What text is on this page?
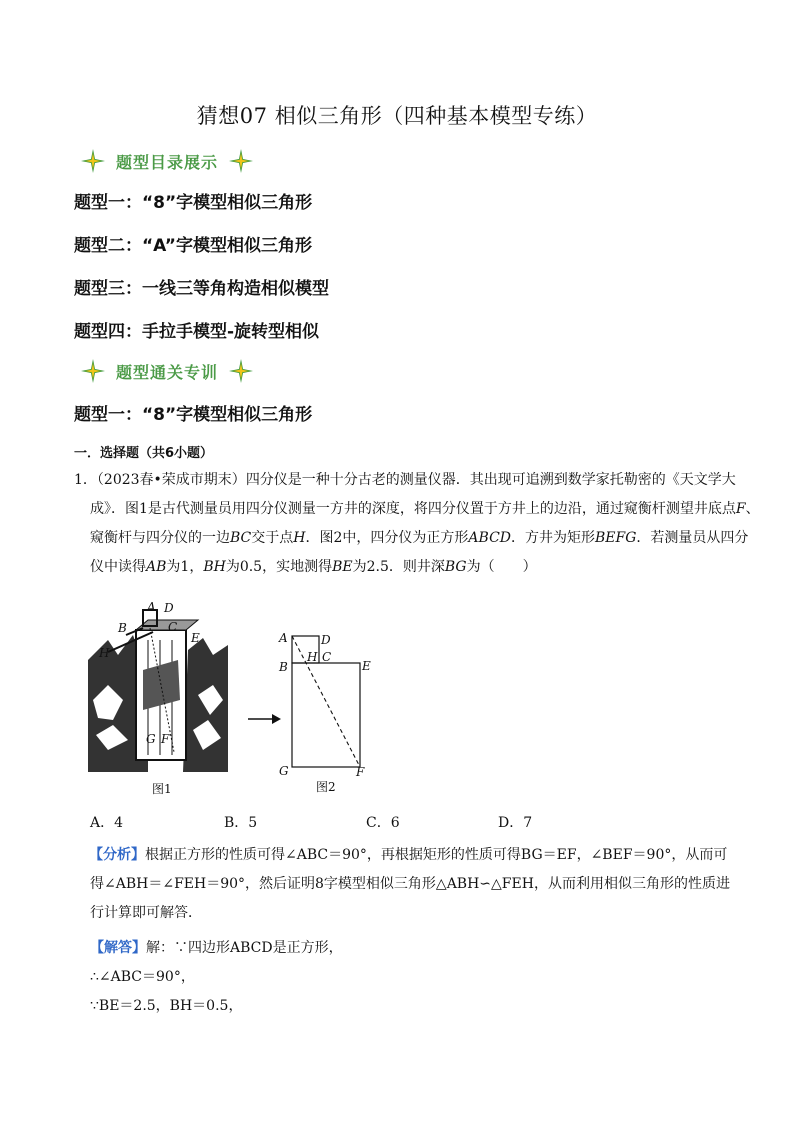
猜想07 相似三角形（四种基本模型专练）
题型目录展示
题型一：“8”字模型相似三角形
题型二：“A”字模型相似三角形
题型三：一线三等角构造相似模型
题型四：手拉手模型-旋转型相似
题型通关专训
题型一：“8”字模型相似三角形
一．选择题（共6小题）
1．（2023春•荣成市期末）四分仪是一种十分古老的测量仪器．其出现可追溯到数学家托勒密的《天文学大成》．图1是古代测量员用四分仪测量一方井的深度，将四分仪置于方井上的边沿，通过窥衡杆测望井底点F、窥衡杆与四分仪的一边BC交于点H．图2中，四分仪为正方形ABCD．方井为矩形BEFG．若测量员从四分仪中读得AB为1，BH为0.5，实地测得BE为2.5．则井深BG为（　　）
A D
B	C
E
H
G F
图1
A	D
B
H C
E
G	F
图2
A．4	B．5	C．6	D．7
【分析】根据正方形的性质可得∠ABC＝90°，再根据矩形的性质可得BG＝EF，∠BEF＝90°，从而可得∠ABH＝∠FEH＝90°，然后证明8字模型相似三角形△ABH∽△FEH，从而利用相似三角形的性质进行计算即可解答．
【解答】解：∵四边形ABCD是正方形，
∴∠ABC＝90°，
∵BE＝2.5，BH＝0.5，
